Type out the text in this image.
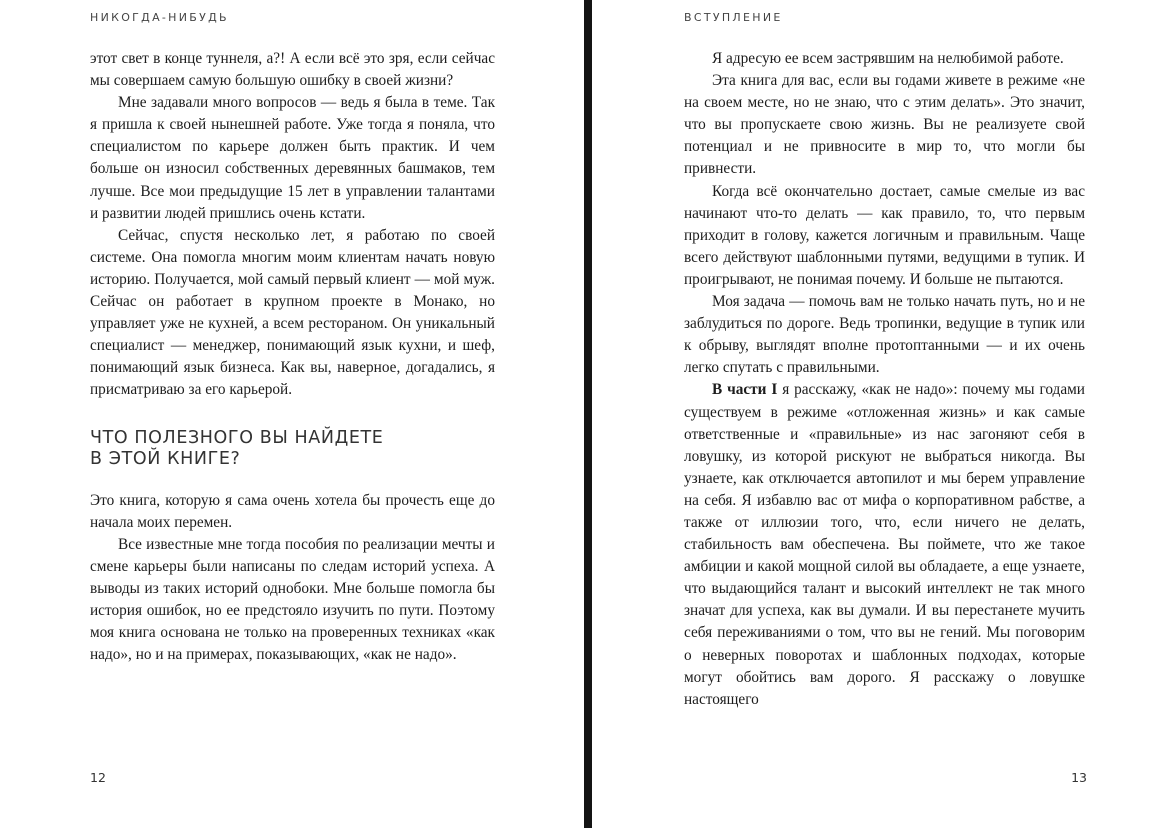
НИКОГДА-НИБУДЬ

этот свет в конце туннеля, а?! А если всё это зря, если сейчас мы совершаем самую большую ошибку в своей жизни?

Мне задавали много вопросов — ведь я была в теме. Так я пришла к своей нынешней работе. Уже тогда я поняла, что специалистом по карьере должен быть практик. И чем больше он износил собственных деревянных башмаков, тем лучше. Все мои предыдущие 15 лет в управлении талантами и развитии людей пришлись очень кстати.

Сейчас, спустя несколько лет, я работаю по своей системе. Она помогла многим моим клиентам начать новую историю. Получается, мой самый первый клиент — мой муж. Сейчас он работает в крупном проекте в Монако, но управляет уже не кухней, а всем рестораном. Он уникальный специалист — менеджер, понимающий язык кухни, и шеф, понимающий язык бизнеса. Как вы, наверное, догадались, я присматриваю за его карьерой.

ЧТО ПОЛЕЗНОГО ВЫ НАЙДЕТЕ
В ЭТОЙ КНИГЕ?

Это книга, которую я сама очень хотела бы прочесть еще до начала моих перемен.

Все известные мне тогда пособия по реализации мечты и смене карьеры были написаны по следам историй успеха. А выводы из таких историй однобоки. Мне больше помогла бы история ошибок, но ее предстояло изучить по пути. Поэтому моя книга основана не только на проверенных техниках «как надо», но и на примерах, показывающих, «как не надо».

12
ВСТУПЛЕНИЕ

Я адресую ее всем застрявшим на нелюбимой работе.

Эта книга для вас, если вы годами живете в режиме «не на своем месте, но не знаю, что с этим делать». Это значит, что вы пропускаете свою жизнь. Вы не реализуете свой потенциал и не привносите в мир то, что могли бы привнести.

Когда всё окончательно достает, самые смелые из вас начинают что-то делать — как правило, то, что первым приходит в голову, кажется логичным и правильным. Чаще всего действуют шаблонными путями, ведущими в тупик. И проигрывают, не понимая почему. И больше не пытаются.

Моя задача — помочь вам не только начать путь, но и не заблудиться по дороге. Ведь тропинки, ведущие в тупик или к обрыву, выглядят вполне протоптанными — и их очень легко спутать с правильными.

В части I я расскажу, «как не надо»: почему мы годами существуем в режиме «отложенная жизнь» и как самые ответственные и «правильные» из нас загоняют себя в ловушку, из которой рискуют не выбраться никогда. Вы узнаете, как отключается автопилот и мы берем управление на себя. Я избавлю вас от мифа о корпоративном рабстве, а также от иллюзии того, что, если ничего не делать, стабильность вам обеспечена. Вы поймете, что же такое амбиции и какой мощной силой вы обладаете, а еще узнаете, что выдающийся талант и высокий интеллект не так много значат для успеха, как вы думали. И вы перестанете мучить себя переживаниями о том, что вы не гений. Мы поговорим о неверных поворотах и шаблонных подходах, которые могут обойтись вам дорого. Я расскажу о ловушке настоящего

13
